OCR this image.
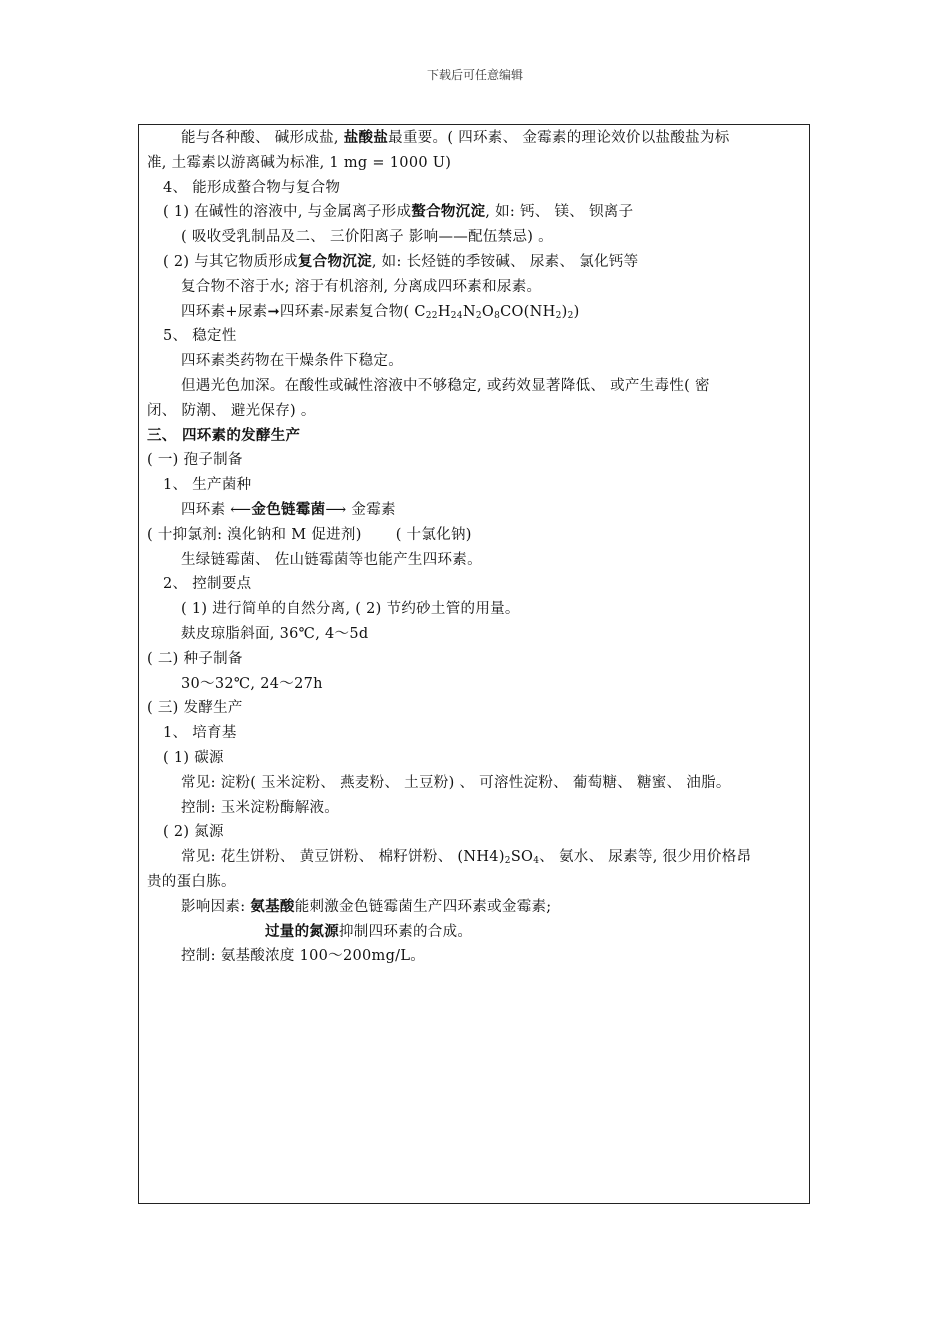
下载后可任意编辑
能与各种酸、 碱形成盐, 盐酸盐最重要。( 四环素、 金霉素的理论效价以盐酸盐为标
准, 土霉素以游离碱为标准, 1 mg = 1000 U)
4、 能形成螯合物与复合物
( 1) 在碱性的溶液中, 与金属离子形成螯合物沉淀, 如: 钙、 镁、 钡离子
( 吸收受乳制品及二、 三价阳离子 影响——配伍禁忌) 。
( 2) 与其它物质形成复合物沉淀, 如: 长烃链的季铵碱、 尿素、 氯化钙等
复合物不溶于水; 溶于有机溶剂, 分离成四环素和尿素。
四环素+尿素➞四环素-尿素复合物( $C_{22}H_{24}N_2O_8CO(NH_2)_2$)
5、 稳定性
四环素类药物在干燥条件下稳定。
但遇光色加深。在酸性或碱性溶液中不够稳定, 或药效显著降低、 或产生毒性( 密
闭、 防潮、 避光保存) 。
三、 四环素的发酵生产
( 一) 孢子制备
1、 生产菌种
四环素 ⟵金色链霉菌⟶ 金霉素
( 十抑氯剂: 溴化钠和 M 促进剂) ( 十氯化钠)
生绿链霉菌、 佐山链霉菌等也能产生四环素。
2、 控制要点
( 1) 进行简单的自然分离, ( 2) 节约砂土管的用量。
麸皮琼脂斜面, 36℃, 4～5d
( 二) 种子制备
30～32℃, 24～27h
( 三) 发酵生产
1、 培育基
( 1) 碳源
常见: 淀粉( 玉米淀粉、 燕麦粉、 土豆粉) 、 可溶性淀粉、 葡萄糖、 糖蜜、 油脂。
控制: 玉米淀粉酶解液。
( 2) 氮源
常见: 花生饼粉、 黄豆饼粉、 棉籽饼粉、 $(NH4)_2SO_4$、 氨水、 尿素等, 很少用价格昂
贵的蛋白胨。
影响因素: 氨基酸能刺激金色链霉菌生产四环素或金霉素;
过量的氮源抑制四环素的合成。
控制: 氨基酸浓度 100～200mg/L。
